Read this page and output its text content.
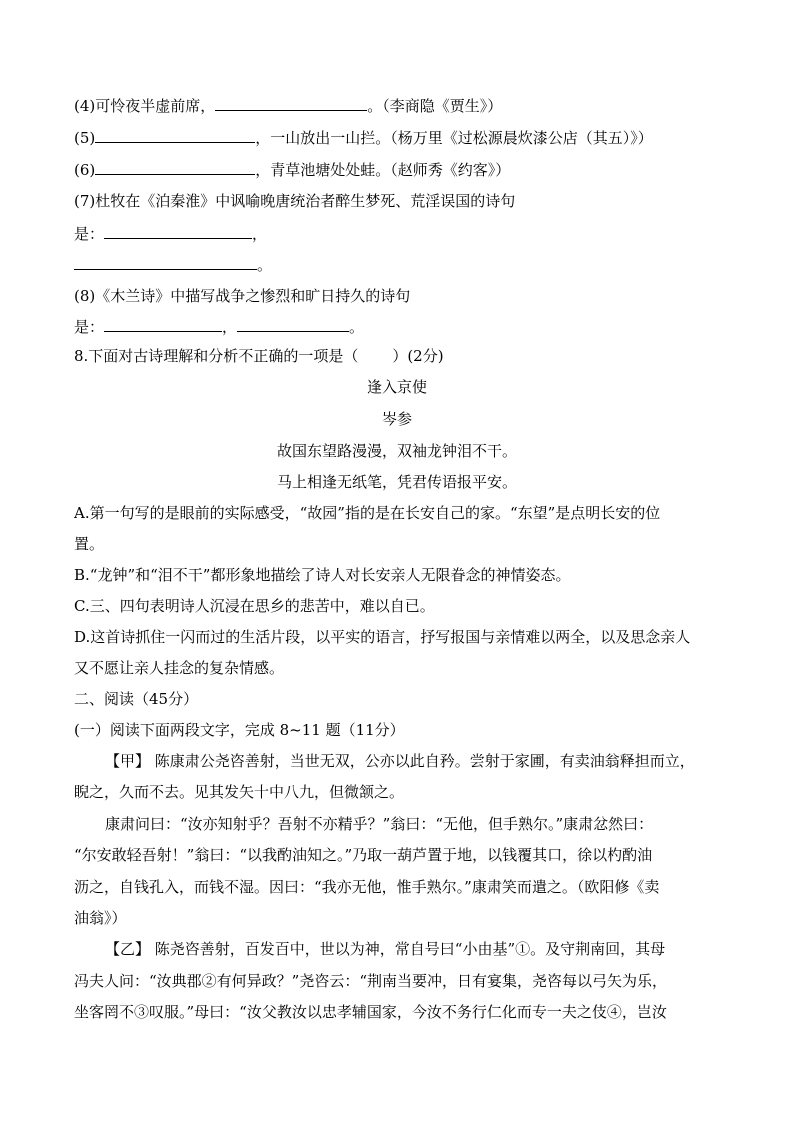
(4)可怜夜半虚前席，	。（李商隐《贾生》）
(5)	，一山放出一山拦。（杨万里《过松源晨炊漆公店（其五）》）
(6)	，青草池塘处处蛙。（赵师秀《约客》）
(7)杜牧在《泊秦淮》中讽喻晚唐统治者醉生梦死、荒淫误国的诗句
是：	，
。
(8)《木兰诗》中描写战争之惨烈和旷日持久的诗句
是：	，	。
8.下面对古诗理解和分析不正确的一项是（ ）(2分)
逢入京使
岑参
故国东望路漫漫，双袖龙钟泪不干。
马上相逢无纸笔，凭君传语报平安。
A.第一句写的是眼前的实际感受，“故园”指的是在长安自己的家。“东望”是点明长安的位
置。
B.“龙钟”和“泪不干”都形象地描绘了诗人对长安亲人无限眷念的神情姿态。
C.三、四句表明诗人沉浸在思乡的悲苦中，难以自已。
D.这首诗抓住一闪而过的生活片段，以平实的语言，抒写报国与亲情难以两全，以及思念亲人
又不愿让亲人挂念的复杂情感。
二、阅读（45分）
(一）阅读下面两段文字，完成 8~11 题（11分）
【甲】 陈康肃公尧咨善射，当世无双，公亦以此自矜。尝射于家圃，有卖油翁释担而立，
睨之，久而不去。见其发矢十中八九，但微颔之。
康肃问曰：“汝亦知射乎？吾射不亦精乎？”翁曰：“无他，但手熟尔。”康肃忿然曰：
“尔安敢轻吾射！”翁曰：“以我酌油知之。”乃取一葫芦置于地，以钱覆其口，徐以杓酌油
沥之，自钱孔入，而钱不湿。因曰：“我亦无他，惟手熟尔。”康肃笑而遣之。（欧阳修《卖
油翁》）
【乙】 陈尧咨善射，百发百中，世以为神，常自号曰“小由基”①。及守荆南回，其母
冯夫人问：“汝典郡②有何异政？”尧咨云：“荆南当要冲，日有宴集，尧咨每以弓矢为乐，
坐客罔不③叹服。”母曰：“汝父教汝以忠孝辅国家，今汝不务行仁化而专一夫之伎④，岂汝
